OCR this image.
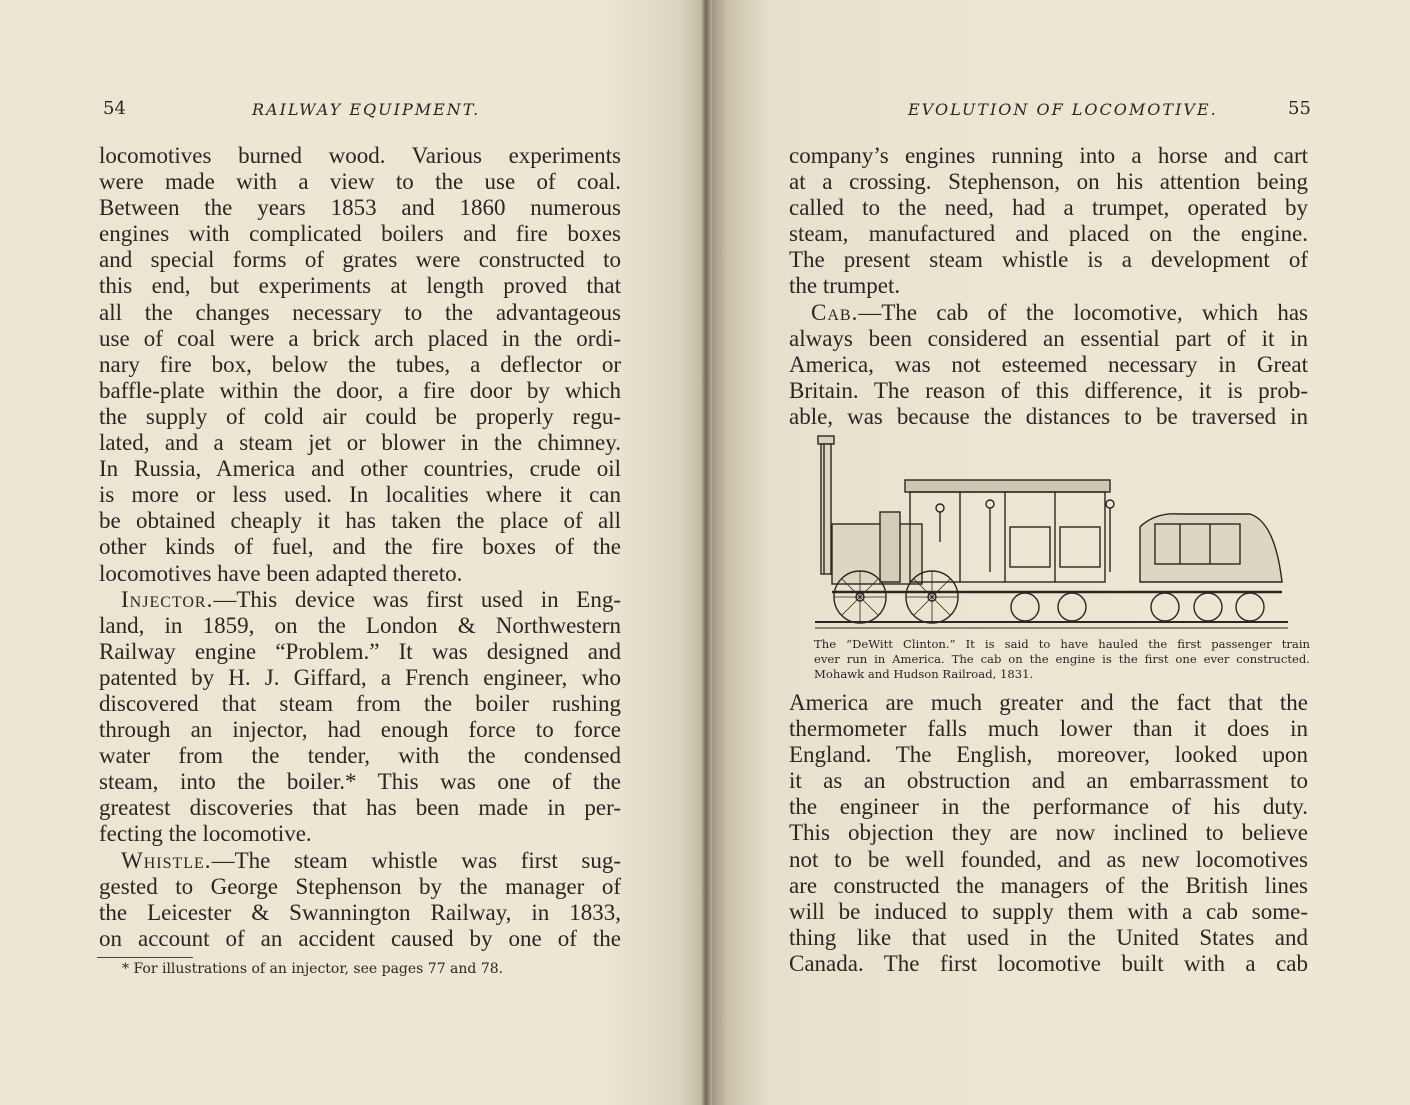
54	RAILWAY EQUIPMENT.
locomotives burned wood. Various experiments
were made with a view to the use of coal.
Between the years 1853 and 1860 numerous
engines with complicated boilers and fire boxes
and special forms of grates were constructed to
this end, but experiments at length proved that
all the changes necessary to the advantageous
use of coal were a brick arch placed in the ordi-
nary fire box, below the tubes, a deflector or
baffle-plate within the door, a fire door by which
the supply of cold air could be properly regu-
lated, and a steam jet or blower in the chimney.
In Russia, America and other countries, crude oil
is more or less used. In localities where it can
be obtained cheaply it has taken the place of all
other kinds of fuel, and the fire boxes of the
locomotives have been adapted thereto.
Injector.—This device was first used in Eng-
land, in 1859, on the London & Northwestern
Railway engine “Problem.” It was designed and
patented by H. J. Giffard, a French engineer, who
discovered that steam from the boiler rushing
through an injector, had enough force to force
water from the tender, with the condensed
steam, into the boiler.* This was one of the
greatest discoveries that has been made in per-
fecting the locomotive.
Whistle.—The steam whistle was first sug-
gested to George Stephenson by the manager of
the Leicester & Swannington Railway, in 1833,
on account of an accident caused by one of the
* For illustrations of an injector, see pages 77 and 78.
EVOLUTION OF LOCOMOTIVE.	55
company’s engines running into a horse and cart
at a crossing. Stephenson, on his attention being
called to the need, had a trumpet, operated by
steam, manufactured and placed on the engine.
The present steam whistle is a development of
the trumpet.
Cab.—The cab of the locomotive, which has
always been considered an essential part of it in
America, was not esteemed necessary in Great
Britain. The reason of this difference, it is prob-
able, was because the distances to be traversed in
The “DeWitt Clinton.” It is said to have hauled the first passenger train
ever run in America. The cab on the engine is the first one ever constructed.
Mohawk and Hudson Railroad, 1831.
America are much greater and the fact that the
thermometer falls much lower than it does in
England. The English, moreover, looked upon
it as an obstruction and an embarrassment to
the engineer in the performance of his duty.
This objection they are now inclined to believe
not to be well founded, and as new locomotives
are constructed the managers of the British lines
will be induced to supply them with a cab some-
thing like that used in the United States and
Canada. The first locomotive built with a cab
